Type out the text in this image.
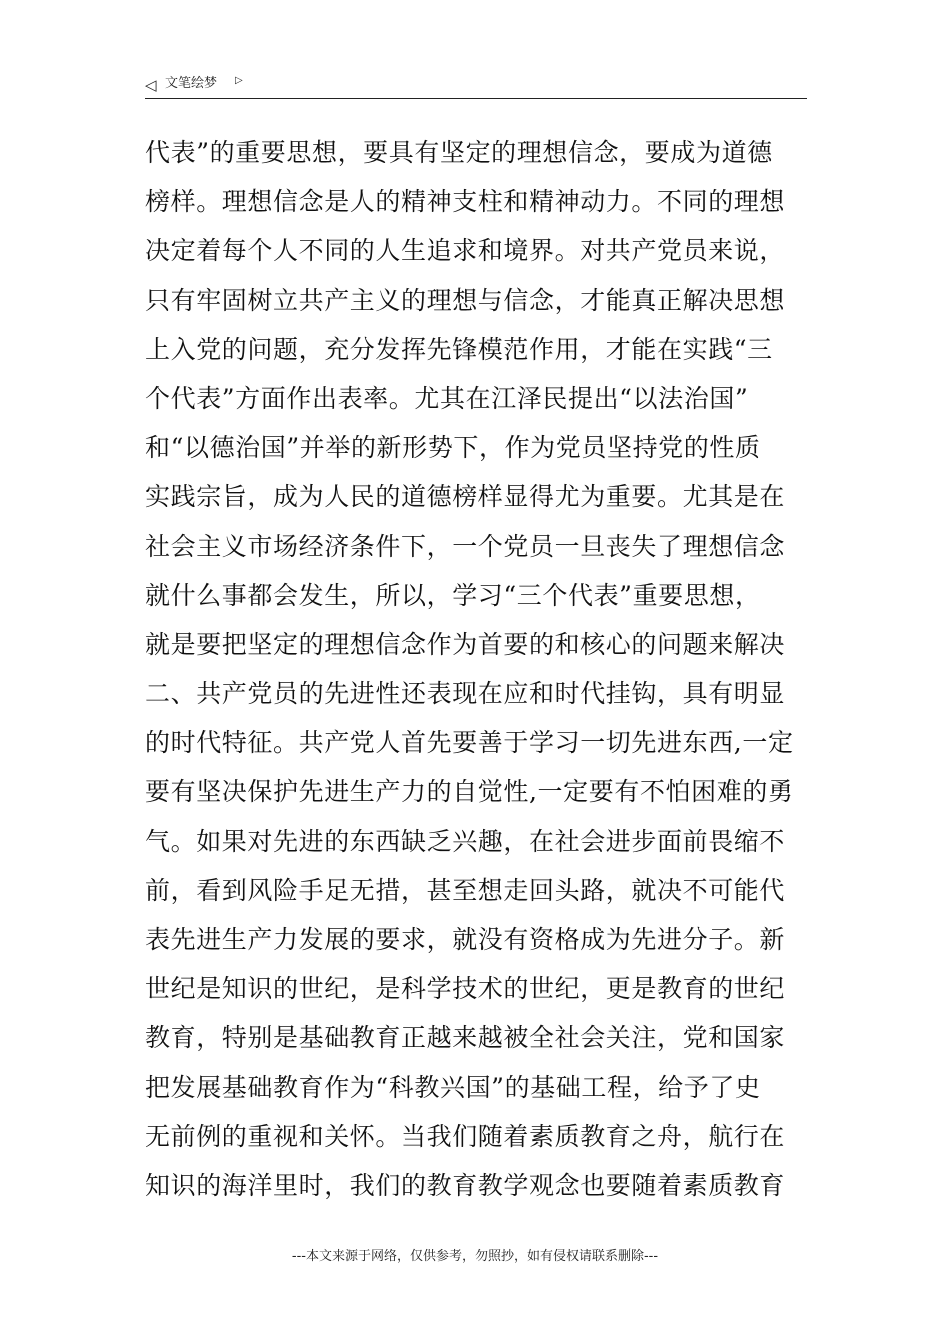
◁ 文笔绘梦 ▷
代表”的重要思想，要具有坚定的理想信念，要成为道德
榜样。理想信念是人的精神支柱和精神动力。不同的理想
决定着每个人不同的人生追求和境界。对共产党员来说，
只有牢固树立共产主义的理想与信念，才能真正解决思想
上入党的问题，充分发挥先锋模范作用，才能在实践“三
个代表”方面作出表率。尤其在江泽民提出“以法治国”
和“以德治国”并举的新形势下，作为党员坚持党的性质
实践宗旨，成为人民的道德榜样显得尤为重要。尤其是在
社会主义市场经济条件下，一个党员一旦丧失了理想信念
就什么事都会发生，所以，学习“三个代表”重要思想，
就是要把坚定的理想信念作为首要的和核心的问题来解决
二、共产党员的先进性还表现在应和时代挂钩，具有明显
的时代特征。共产党人首先要善于学习一切先进东西,一定
要有坚决保护先进生产力的自觉性,一定要有不怕困难的勇
气。如果对先进的东西缺乏兴趣，在社会进步面前畏缩不
前，看到风险手足无措，甚至想走回头路，就决不可能代
表先进生产力发展的要求，就没有资格成为先进分子。新
世纪是知识的世纪，是科学技术的世纪，更是教育的世纪
教育，特别是基础教育正越来越被全社会关注，党和国家
把发展基础教育作为“科教兴国”的基础工程，给予了史
无前例的重视和关怀。当我们随着素质教育之舟，航行在
知识的海洋里时，我们的教育教学观念也要随着素质教育
---本文来源于网络，仅供参考，勿照抄，如有侵权请联系删除---
